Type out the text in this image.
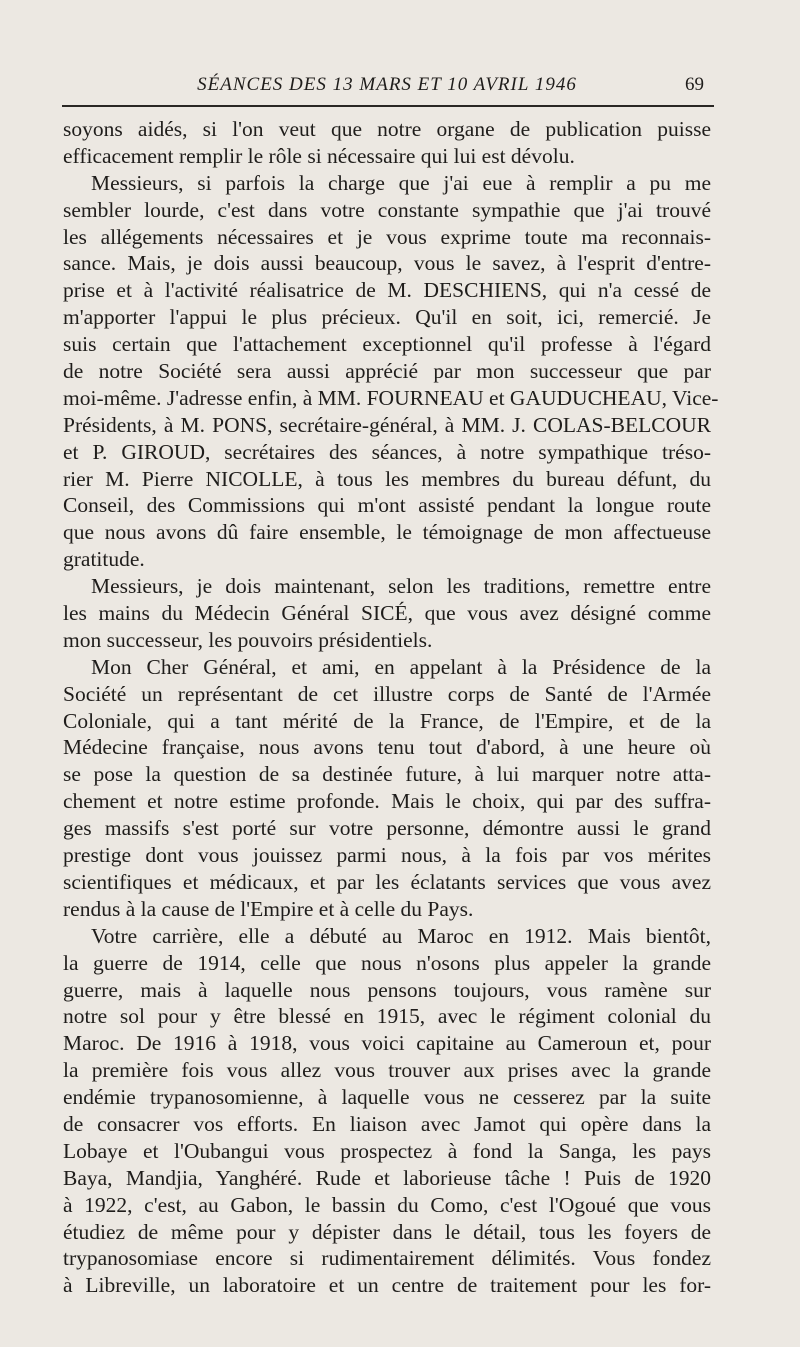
SÉANCES DES 13 MARS ET 10 AVRIL 1946	69
soyons aidés, si l'on veut que notre organe de publication puisse
efficacement remplir le rôle si nécessaire qui lui est dévolu.
Messieurs, si parfois la charge que j'ai eue à remplir a pu me
sembler lourde, c'est dans votre constante sympathie que j'ai trouvé
les allégements nécessaires et je vous exprime toute ma reconnais-
sance. Mais, je dois aussi beaucoup, vous le savez, à l'esprit d'entre-
prise et à l'activité réalisatrice de M. DESCHIENS, qui n'a cessé de
m'apporter l'appui le plus précieux. Qu'il en soit, ici, remercié. Je
suis certain que l'attachement exceptionnel qu'il professe à l'égard
de notre Société sera aussi apprécié par mon successeur que par
moi-même. J'adresse enfin, à MM. FOURNEAU et GAUDUCHEAU, Vice-
Présidents, à M. PONS, secrétaire-général, à MM. J. COLAS-BELCOUR
et P. GIROUD, secrétaires des séances, à notre sympathique tréso-
rier M. Pierre NICOLLE, à tous les membres du bureau défunt, du
Conseil, des Commissions qui m'ont assisté pendant la longue route
que nous avons dû faire ensemble, le témoignage de mon affectueuse
gratitude.
Messieurs, je dois maintenant, selon les traditions, remettre entre
les mains du Médecin Général SICÉ, que vous avez désigné comme
mon successeur, les pouvoirs présidentiels.
Mon Cher Général, et ami, en appelant à la Présidence de la
Société un représentant de cet illustre corps de Santé de l'Armée
Coloniale, qui a tant mérité de la France, de l'Empire, et de la
Médecine française, nous avons tenu tout d'abord, à une heure où
se pose la question de sa destinée future, à lui marquer notre atta-
chement et notre estime profonde. Mais le choix, qui par des suffra-
ges massifs s'est porté sur votre personne, démontre aussi le grand
prestige dont vous jouissez parmi nous, à la fois par vos mérites
scientifiques et médicaux, et par les éclatants services que vous avez
rendus à la cause de l'Empire et à celle du Pays.
Votre carrière, elle a débuté au Maroc en 1912. Mais bientôt,
la guerre de 1914, celle que nous n'osons plus appeler la grande
guerre, mais à laquelle nous pensons toujours, vous ramène sur
notre sol pour y être blessé en 1915, avec le régiment colonial du
Maroc. De 1916 à 1918, vous voici capitaine au Cameroun et, pour
la première fois vous allez vous trouver aux prises avec la grande
endémie trypanosomienne, à laquelle vous ne cesserez par la suite
de consacrer vos efforts. En liaison avec Jamot qui opère dans la
Lobaye et l'Oubangui vous prospectez à fond la Sanga, les pays
Baya, Mandjia, Yanghéré. Rude et laborieuse tâche ! Puis de 1920
à 1922, c'est, au Gabon, le bassin du Como, c'est l'Ogoué que vous
étudiez de même pour y dépister dans le détail, tous les foyers de
trypanosomiase encore si rudimentairement délimités. Vous fondez
à Libreville, un laboratoire et un centre de traitement pour les for-
